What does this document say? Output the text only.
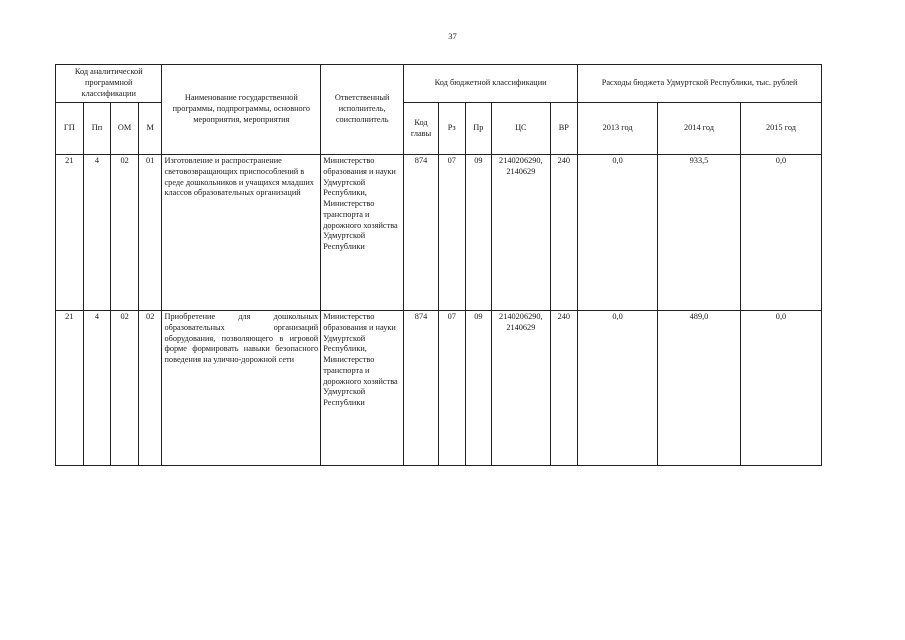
37
Код аналитической программной классификации				Наименование государственной программы, подпрограммы, основного мероприятия, мероприятия	Ответственный исполнитель, соисполнитель	Код бюджетной классификации					Расходы бюджета Удмуртской Республики, тыс. рублей		
ГП	Пп	ОМ	М			Код главы	Рз	Пр	ЦС	ВР	2013 год	2014 год	2015 год
21	4	02	01	Изготовление и распространение световозвращающих приспособлений в среде дошкольников и учащихся младших классов образовательных организаций	Министерство образования и науки Удмуртской Республики, Министерство транспорта и дорожного хозяйства Удмуртской Республики	874	07	09	2140206290, 2140629	240	0,0	933,5	0,0
21	4	02	02	Приобретение для дошкольных образовательных организаций оборудования, позволяющего в игровой форме формировать навыки безопасного поведения на улично-дорожной сети	Министерство образования и науки Удмуртской Республики, Министерство транспорта и дорожного хозяйства Удмуртской Республики	874	07	09	2140206290, 2140629	240	0,0	489,0	0,0
